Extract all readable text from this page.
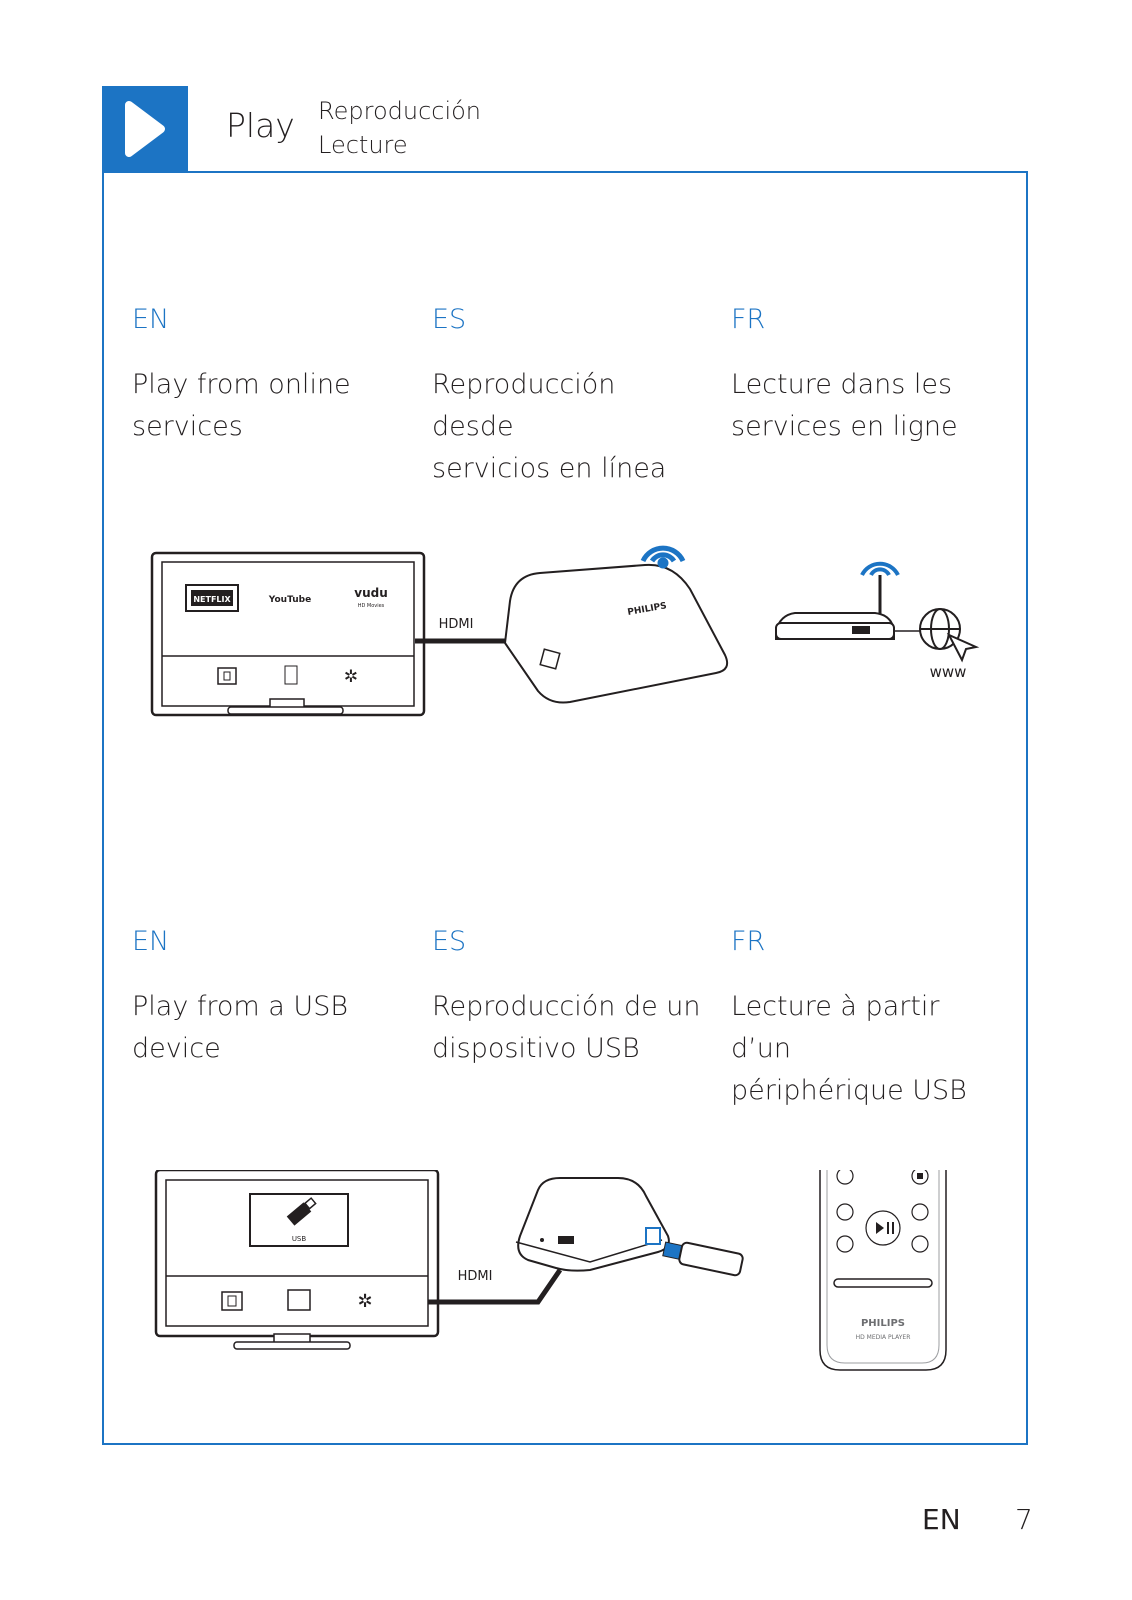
Play Reproducción
Lecture
EN	ES	FR
Play from online
services
Reproducción desde
servicios en línea
Lecture dans les
services en ligne
NETFLIX	YouTube	vudu
HD Movies
✲
HDMI
PHILIPS
www
EN	ES	FR
Play from a USB
device
Reproducción de un
dispositivo USB
Lecture à partir d’un
périphérique USB
USB
✲
HDMI
PHILIPS
HD MEDIA PLAYER
EN 7
